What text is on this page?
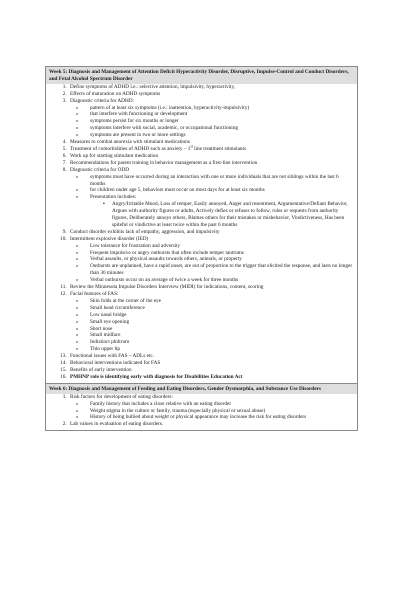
Week 5: Diagnosis and Management of Attention Deficit Hyperactivity Disorder, Disruptive, Impulse-Control and Conduct Disorders, and Fetal Alcohol Spectrum Disorder
1. Define symptoms of ADHD i.e.: selective attention, impulsivity, hyperactivity,
2. Effects of maturation on ADHD symptoms
3. Diagnostic criteria for ADHD:
o pattern of at least six symptoms (i.e.: inattention, hyperactivity-impulsivity)
o that interfere with functioning or development
o symptoms persist for six months or longer
o symptoms interfere with social, academic, or occupational functioning
o symptoms are present in two or more settings
4. Measures to combat anorexia with stimulant medications
5. Treatment of comorbidities of ADHD such as anxiety – 1st line treatment stimulants
6. Work up for starting stimulant medication
7. Recommendations for parent training in behavior management as a first-line intervention
8. Diagnostic criteria for ODD
o symptoms must have occurred during an interaction with one or more individuals that are not siblings within the last 6 months
o for children under age 5, behaviors must occur on most days for at least six months
o Presentation includes:
▪ Angry/Irritable Mood, Loss of temper, Easily annoyed, Anger and resentment, Argumentative/Defiant Behavior, Argues with authority figures or adults, Actively defies or refuses to follow, rules or requests from authority figures, Deliberately annoys others, Blames others for their mistakes or misbehavior, Vindictiveness, Has been spiteful or vindictive at least twice within the past 6 months
9. Conduct disorder exhibits lack of empathy, aggression, and impulsivity
10. Intermittent explosive disorder (IED)
o Low tolerance for frustration and adversity
o Frequent impulsive or angry outbursts that often include temper tantrums
o Verbal assaults, or physical assaults towards others, animals, or property
o Outbursts are unplanned, have a rapid onset, are out of proportion to the trigger that elicited the response, and lasts no longer than 30 minutes
o Verbal outbursts occur on an average of twice a week for three months
11. Review the Minnesota Impulse Disorders Interview (MIDI) for indications, content, scoring
12. Facial features of FAS:
o Skin folds at the corner of the eye
o Small head circumference
o Low nasal bridge
o Small eye opening
o Short nose
o Small midface
o Indistinct philtrum
o Thin upper lip
13. Functional issues with FAS – ADLs etc.
14. Behavioral interventions indicated for FAS
15. Benefits of early intervention
16. PMHNP role is identifying early with diagnosis for Disabilities Education Act
Week 6: Diagnosis and Management of Feeding and Eating Disorders, Gender Dysmorphia, and Substance Use Disorders
1. Risk factors for development of eating disorders:
o Family history that includes a close relative with an eating disorder
o Weight stigma in the culture or family, trauma (especially physical or sexual abuse)
o History of being bullied about weight or physical appearance may increase the risk for eating disorders
2. Lab values in evaluation of eating disorders.
